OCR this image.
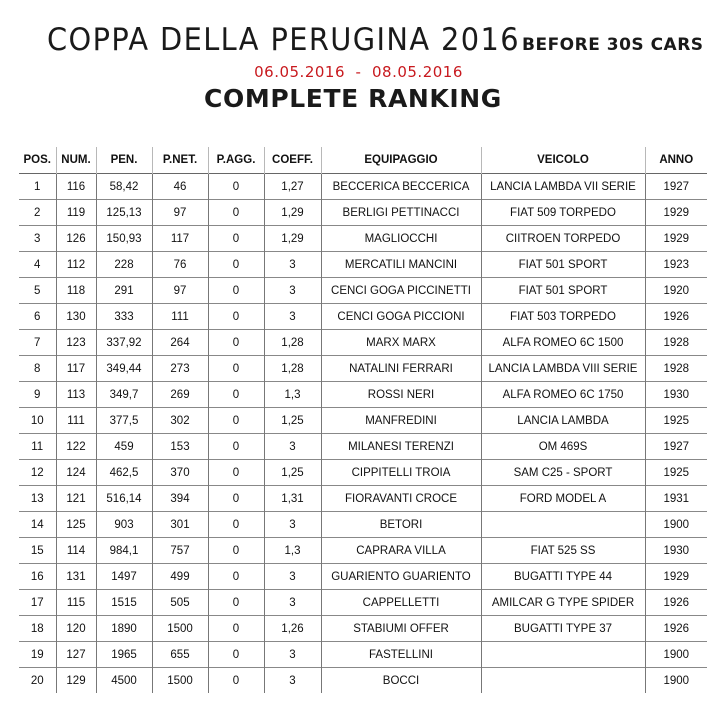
COPPA DELLA PERUGINA 2016 BEFORE 30S CARS
06.05.2016  -  08.05.2016
COMPLETE RANKING
POS.	NUM.	PEN.	P.NET.	P.AGG.	COEFF.	EQUIPAGGIO	VEICOLO	ANNO
1	116	58,42	46	0	1,27	BECCERICA BECCERICA	LANCIA LAMBDA VII SERIE	1927
2	119	125,13	97	0	1,29	BERLIGI PETTINACCI	FIAT 509 TORPEDO	1929
3	126	150,93	117	0	1,29	MAGLIOCCHI	CIITROEN TORPEDO	1929
4	112	228	76	0	3	MERCATILI MANCINI	FIAT 501 SPORT	1923
5	118	291	97	0	3	CENCI GOGA PICCINETTI	FIAT 501 SPORT	1920
6	130	333	111	0	3	CENCI GOGA PICCIONI	FIAT 503 TORPEDO	1926
7	123	337,92	264	0	1,28	MARX MARX	ALFA ROMEO 6C 1500	1928
8	117	349,44	273	0	1,28	NATALINI FERRARI	LANCIA LAMBDA VIII SERIE	1928
9	113	349,7	269	0	1,3	ROSSI NERI	ALFA ROMEO 6C 1750	1930
10	111	377,5	302	0	1,25	MANFREDINI	LANCIA LAMBDA	1925
11	122	459	153	0	3	MILANESI TERENZI	OM 469S	1927
12	124	462,5	370	0	1,25	CIPPITELLI TROIA	SAM C25 - SPORT	1925
13	121	516,14	394	0	1,31	FIORAVANTI CROCE	FORD MODEL A	1931
14	125	903	301	0	3	BETORI		1900
15	114	984,1	757	0	1,3	CAPRARA VILLA	FIAT 525 SS	1930
16	131	1497	499	0	3	GUARIENTO GUARIENTO	BUGATTI TYPE 44	1929
17	115	1515	505	0	3	CAPPELLETTI	AMILCAR G TYPE SPIDER	1926
18	120	1890	1500	0	1,26	STABIUMI OFFER	BUGATTI TYPE 37	1926
19	127	1965	655	0	3	FASTELLINI		1900
20	129	4500	1500	0	3	BOCCI		1900
